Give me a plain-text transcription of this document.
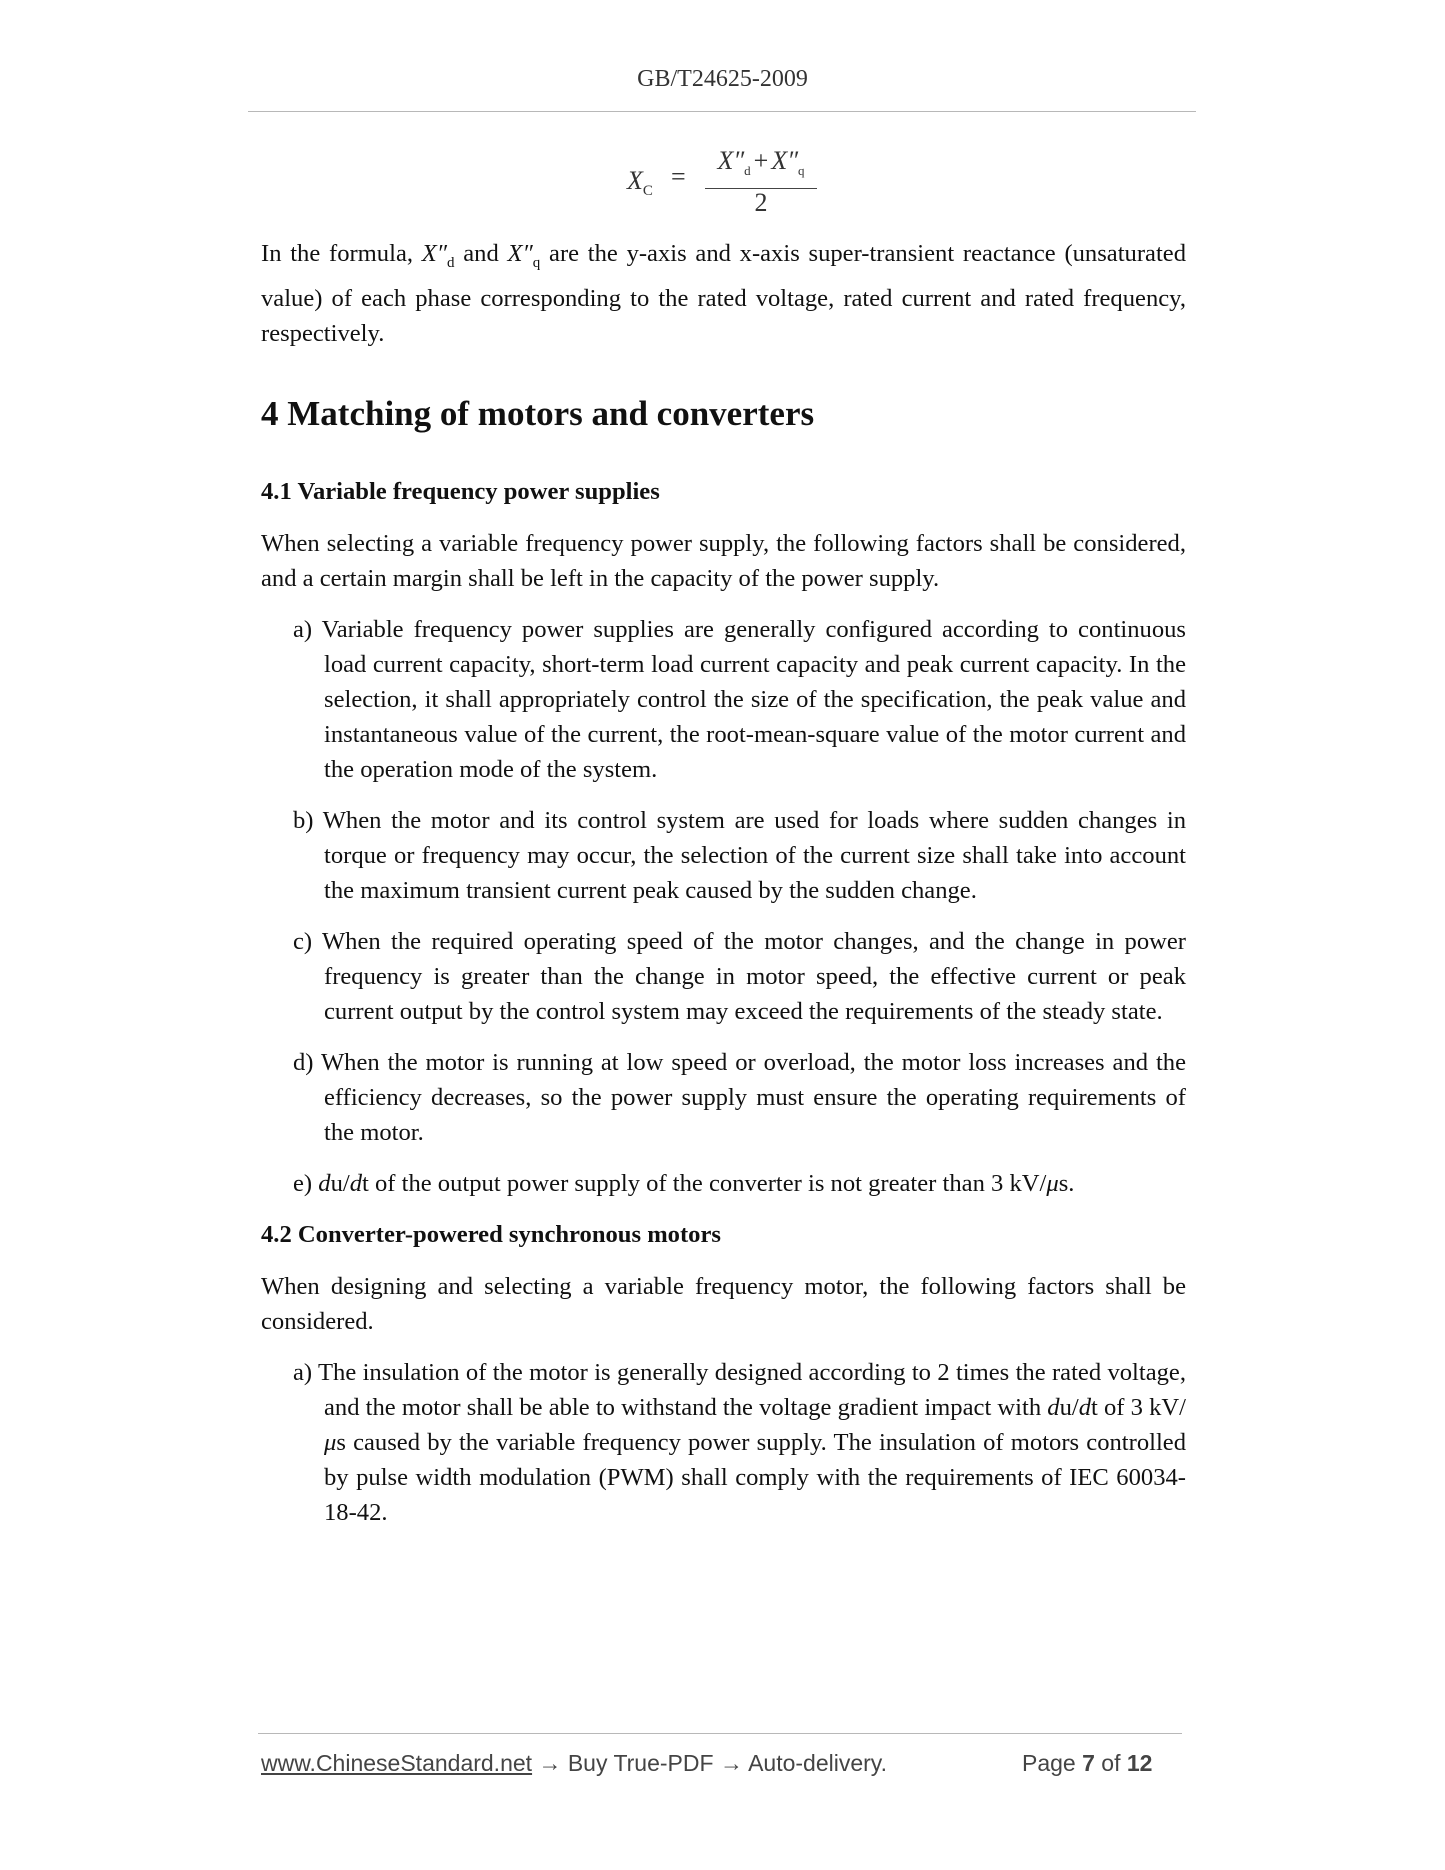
GB/T24625-2009
$X_C$
=
$X''_d + X''_q$
2

In the formula, $X''_d$ and $X''_q$ are the y-axis and x-axis super-transient reactance (unsaturated value) of each phase corresponding to the rated voltage, rated current and rated frequency, respectively.

4 Matching of motors and converters
4.1 Variable frequency power supplies

When selecting a variable frequency power supply, the following factors shall be considered, and a certain margin shall be left in the capacity of the power supply.

a) Variable frequency power supplies are generally configured according to continuous load current capacity, short-term load current capacity and peak current capacity. In the selection, it shall appropriately control the size of the specification, the peak value and instantaneous value of the current, the root-mean-square value of the motor current and the operation mode of the system.
b) When the motor and its control system are used for loads where sudden changes in torque or frequency may occur, the selection of the current size shall take into account the maximum transient current peak caused by the sudden change.
c) When the required operating speed of the motor changes, and the change in power frequency is greater than the change in motor speed, the effective current or peak current output by the control system may exceed the requirements of the steady state.
d) When the motor is running at low speed or overload, the motor loss increases and the efficiency decreases, so the power supply must ensure the operating requirements of the motor.
e) du/dt of the output power supply of the converter is not greater than 3 kV/μs.
4.2 Converter-powered synchronous motors

When designing and selecting a variable frequency motor, the following factors shall be considered.

a) The insulation of the motor is generally designed according to 2 times the rated voltage, and the motor shall be able to withstand the voltage gradient impact with du/dt of 3 kV/μs caused by the variable frequency power supply. The insulation of motors controlled by pulse width modulation (PWM) shall comply with the requirements of IEC 60034-18-42.
www.ChineseStandard.net → Buy True-PDF → Auto-delivery.	Page 7 of 12
